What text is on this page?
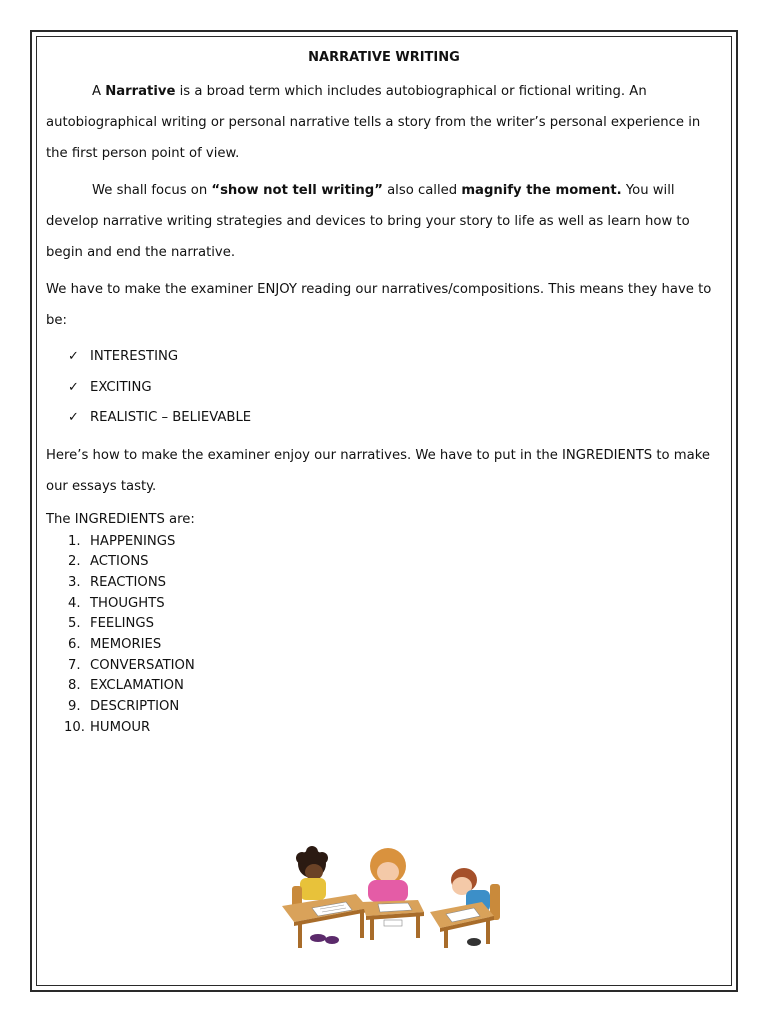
NARRATIVE WRITING

A Narrative is a broad term which includes autobiographical or fictional writing. An autobiographical writing or personal narrative tells a story from the writer’s personal experience in the first person point of view.

We shall focus on “show not tell writing” also called magnify the moment. You will develop narrative writing strategies and devices to bring your story to life as well as learn how to begin and end the narrative.

We have to make the examiner ENJOY reading our narratives/compositions. This means they have to be:

✓ INTERESTING
✓ EXCITING
✓ REALISTIC – BELIEVABLE

Here’s how to make the examiner enjoy our narratives. We have to put in the INGREDIENTS to make our essays tasty.

The INGREDIENTS are:

1. HAPPENINGS
2. ACTIONS
3. REACTIONS
4. THOUGHTS
5. FEELINGS
6. MEMORIES
7. CONVERSATION
8. EXCLAMATION
9. DESCRIPTION
10. HUMOUR
